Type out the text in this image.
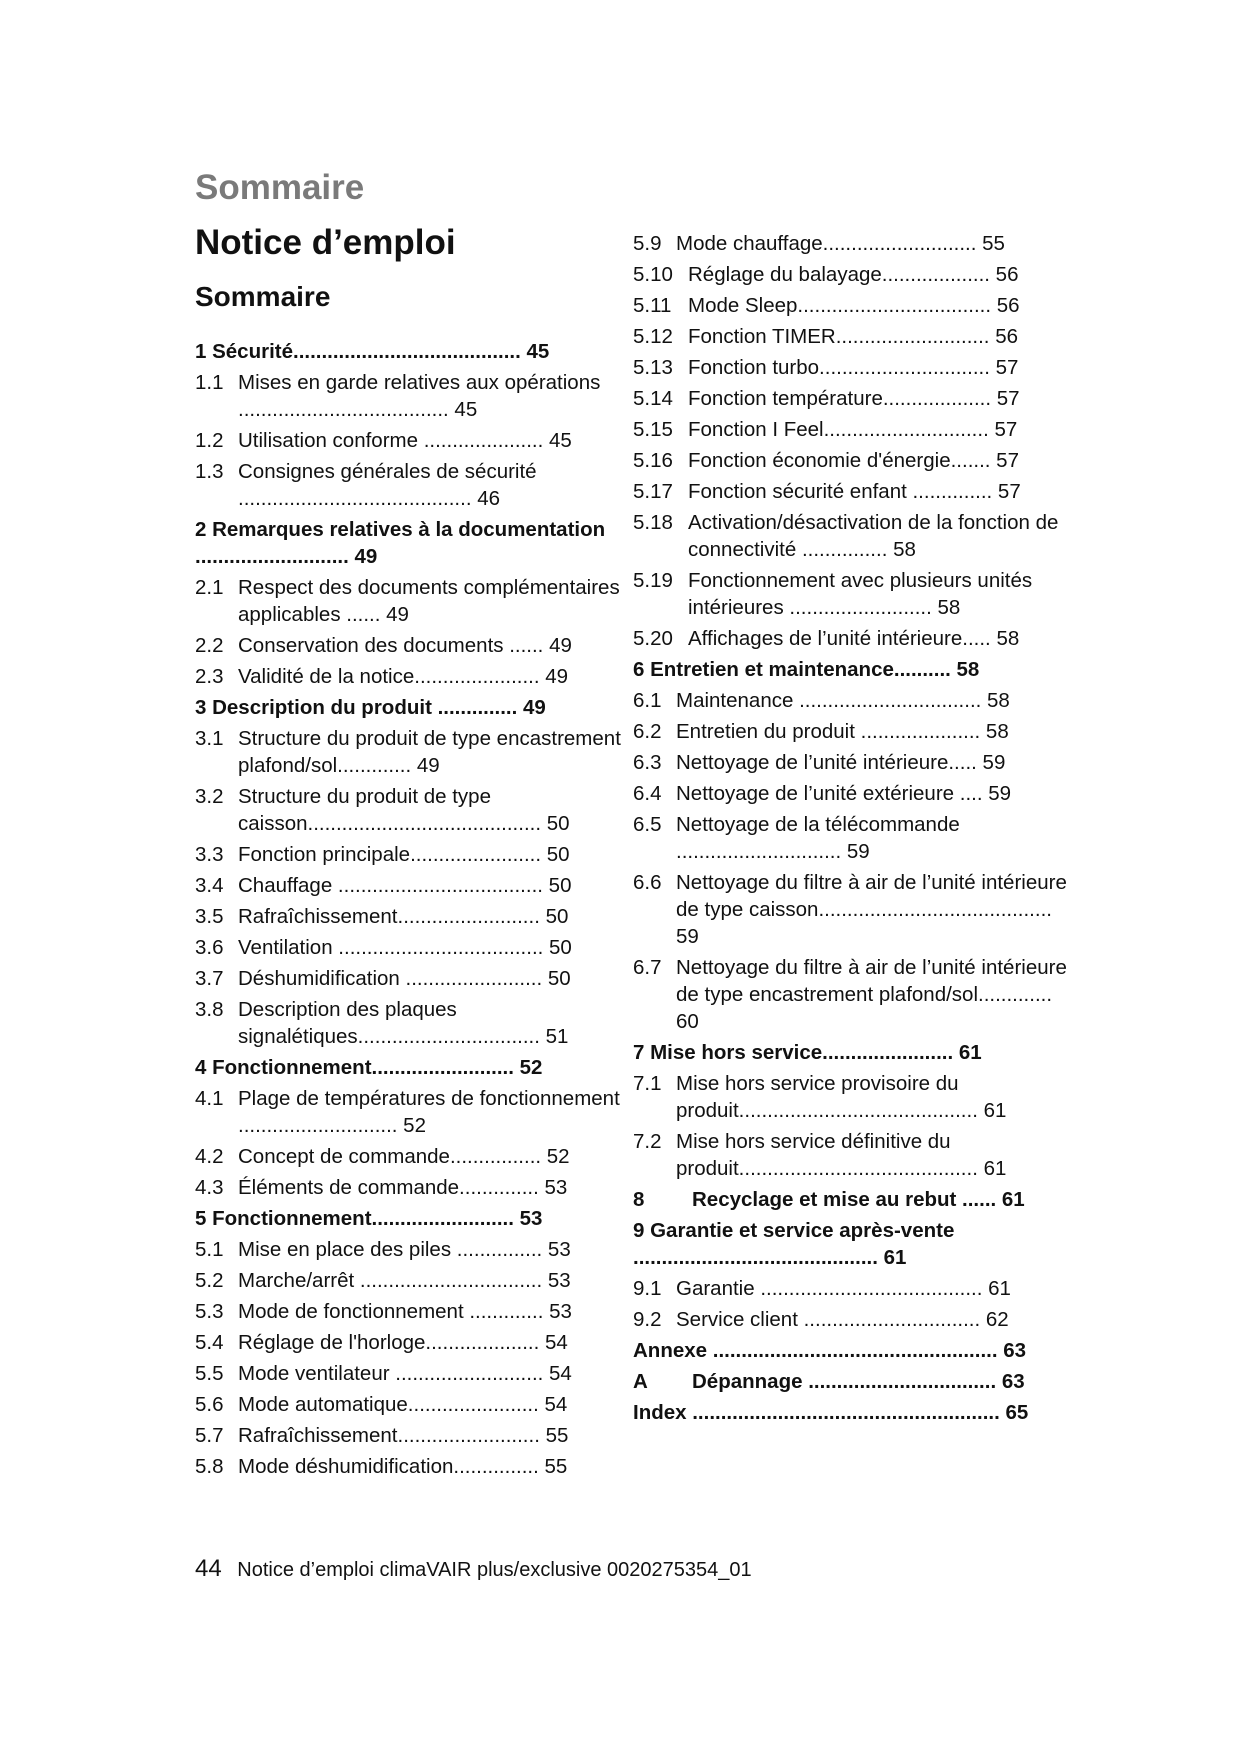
Sommaire
Notice d’emploi
Sommaire
1 Sécurité........................................ 45
1.1 Mises en garde relatives aux opérations ..................................... 45
1.2 Utilisation conforme ..................... 45
1.3 Consignes générales de sécurité ......................................... 46
2 Remarques relatives à la documentation ........................... 49
2.1 Respect des documents complémentaires applicables ...... 49
2.2 Conservation des documents ...... 49
2.3 Validité de la notice...................... 49
3 Description du produit .............. 49
3.1 Structure du produit de type encastrement plafond/sol............. 49
3.2 Structure du produit de type caisson......................................... 50
3.3 Fonction principale....................... 50
3.4 Chauffage .................................... 50
3.5 Rafraîchissement......................... 50
3.6 Ventilation .................................... 50
3.7 Déshumidification ........................ 50
3.8 Description des plaques signalétiques................................ 51
4 Fonctionnement......................... 52
4.1 Plage de températures de fonctionnement ............................ 52
4.2 Concept de commande................ 52
4.3 Éléments de commande.............. 53
5 Fonctionnement......................... 53
5.1 Mise en place des piles ............... 53
5.2 Marche/arrêt ................................ 53
5.3 Mode de fonctionnement ............. 53
5.4 Réglage de l'horloge.................... 54
5.5 Mode ventilateur .......................... 54
5.6 Mode automatique....................... 54
5.7 Rafraîchissement......................... 55
5.8 Mode déshumidification............... 55
5.9 Mode chauffage........................... 55
5.10 Réglage du balayage................... 56
5.11 Mode Sleep.................................. 56
5.12 Fonction TIMER........................... 56
5.13 Fonction turbo.............................. 57
5.14 Fonction température................... 57
5.15 Fonction I Feel............................. 57
5.16 Fonction économie d'énergie....... 57
5.17 Fonction sécurité enfant .............. 57
5.18 Activation/désactivation de la fonction de connectivité ............... 58
5.19 Fonctionnement avec plusieurs unités intérieures ......................... 58
5.20 Affichages de l’unité intérieure..... 58
6 Entretien et maintenance.......... 58
6.1 Maintenance ................................ 58
6.2 Entretien du produit ..................... 58
6.3 Nettoyage de l’unité intérieure..... 59
6.4 Nettoyage de l’unité extérieure .... 59
6.5 Nettoyage de la télécommande ............................. 59
6.6 Nettoyage du filtre à air de l’unité intérieure de type caisson......................................... 59
6.7 Nettoyage du filtre à air de l’unité intérieure de type encastrement plafond/sol............. 60
7 Mise hors service....................... 61
7.1 Mise hors service provisoire du produit.......................................... 61
7.2 Mise hors service définitive du produit.......................................... 61
8	Recyclage et mise au rebut ...... 61
9 Garantie et service après-vente ........................................... 61
9.1 Garantie ....................................... 61
9.2 Service client ............................... 62
Annexe .................................................. 63
A	Dépannage ................................. 63
Index ...................................................... 65
44 Notice d’emploi climaVAIR plus/exclusive 0020275354_01
